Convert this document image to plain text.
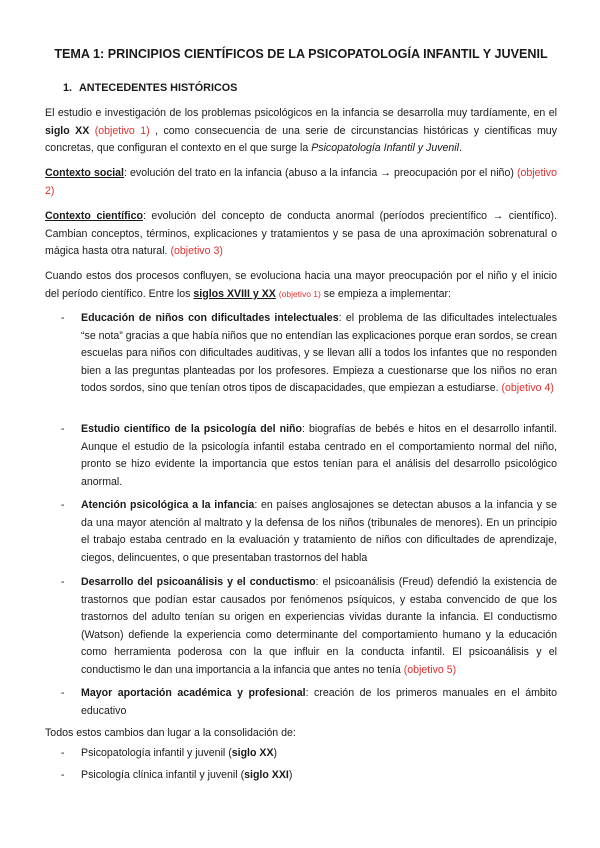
TEMA 1: PRINCIPIOS CIENTÍFICOS DE LA PSICOPATOLOGÍA INFANTIL Y JUVENIL
1. ANTECEDENTES HISTÓRICOS

El estudio e investigación de los problemas psicológicos en la infancia se desarrolla muy tardíamente, en el siglo XX (objetivo 1) , como consecuencia de una serie de circunstancias históricas y científicas muy concretas, que configuran el contexto en el que surge la Psicopatología Infantil y Juvenil.

Contexto social: evolución del trato en la infancia (abuso a la infancia → preocupación por el niño) (objetivo 2)

Contexto científico: evolución del concepto de conducta anormal (períodos precientífico → científico). Cambian conceptos, términos, explicaciones y tratamientos y se pasa de una aproximación sobrenatural o mágica hasta otra natural. (objetivo 3)

Cuando estos dos procesos confluyen, se evoluciona hacia una mayor preocupación por el niño y el inicio del período científico. Entre los siglos XVIII y XX (objetivo 1) se empieza a implementar:

- Educación de niños con dificultades intelectuales: el problema de las dificultades intelectuales “se nota” gracias a que había niños que no entendían las explicaciones porque eran sordos, se crean escuelas para niños con dificultades auditivas, y se llevan allí a todos los infantes que no responden bien a las preguntas planteadas por los profesores. Empieza a cuestionarse que los niños no eran todos sordos, sino que tenían otros tipos de discapacidades, que empiezan a estudiarse. (objetivo 4)
- Estudio científico de la psicología del niño: biografías de bebés e hitos en el desarrollo infantil. Aunque el estudio de la psicología infantil estaba centrado en el comportamiento normal del niño, pronto se hizo evidente la importancia que estos tenían para el análisis del desarrollo psicológico anormal.
- Atención psicológica a la infancia: en países anglosajones se detectan abusos a la infancia y se da una mayor atención al maltrato y la defensa de los niños (tribunales de menores). En un principio el trabajo estaba centrado en la evaluación y tratamiento de niños con dificultades de aprendizaje, ciegos, delincuentes, o que presentaban trastornos del habla
- Desarrollo del psicoanálisis y el conductismo: el psicoanálisis (Freud) defendió la existencia de trastornos que podían estar causados por fenómenos psíquicos, y estaba convencido de que los trastornos del adulto tenían su origen en experiencias vividas durante la infancia. El conductismo (Watson) defiende la experiencia como determinante del comportamiento humano y la educación como herramienta poderosa con la que influir en la conducta infantil. El psicoanálisis y el conductismo le dan una importancia a la infancia que antes no tenía (objetivo 5)
- Mayor aportación académica y profesional: creación de los primeros manuales en el ámbito educativo

Todos estos cambios dan lugar a la consolidación de:

- Psicopatología infantil y juvenil (siglo XX)
- Psicología clínica infantil y juvenil (siglo XXI)
